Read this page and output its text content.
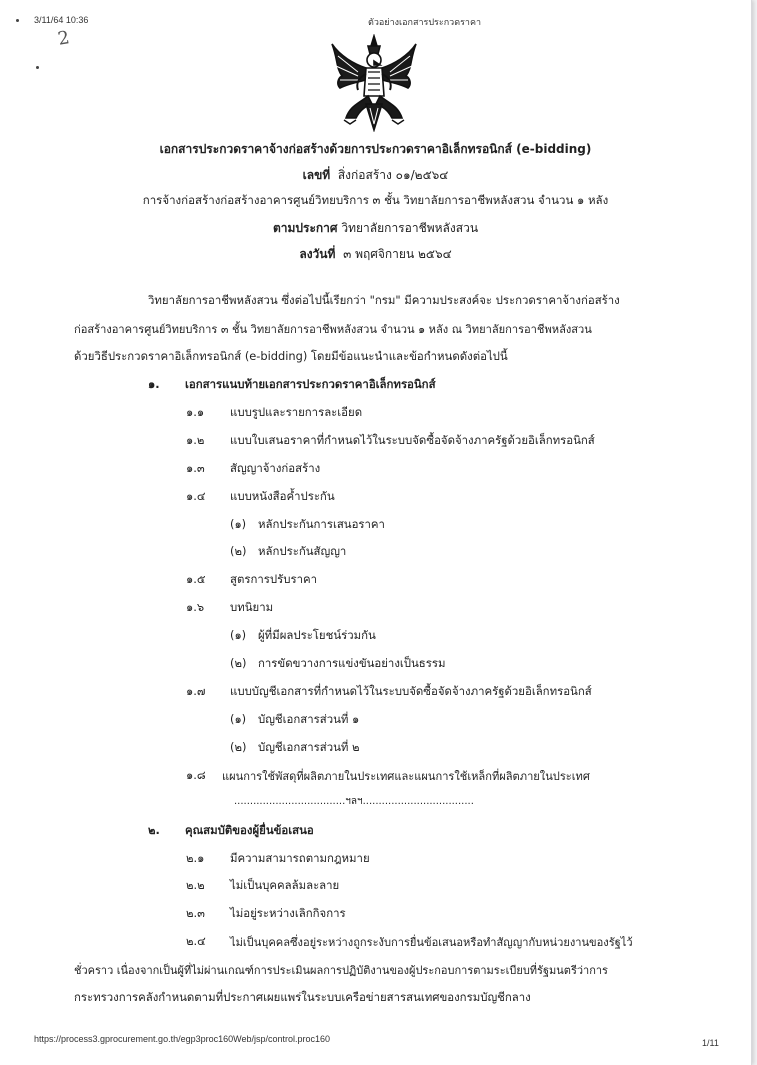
3/11/64 10:36	ตัวอย่างเอกสารประกวดราคา
2
เอกสารประกวดราคาจ้างก่อสร้างด้วยการประกวดราคาอิเล็กทรอนิกส์ (e-bidding)
เลขที่ สิ่งก่อสร้าง ๐๑/๒๕๖๔
การจ้างก่อสร้างก่อสร้างอาคารศูนย์วิทยบริการ ๓ ชั้น วิทยาลัยการอาชีพหลังสวน จำนวน ๑ หลัง
ตามประกาศ วิทยาลัยการอาชีพหลังสวน
ลงวันที่ ๓ พฤศจิกายน ๒๕๖๔
วิทยาลัยการอาชีพหลังสวน ซึ่งต่อไปนี้เรียกว่า "กรม" มีความประสงค์จะ ประกวดราคาจ้างก่อสร้าง
ก่อสร้างอาคารศูนย์วิทยบริการ ๓ ชั้น วิทยาลัยการอาชีพหลังสวน จำนวน ๑ หลัง ณ วิทยาลัยการอาชีพหลังสวน
ด้วยวิธีประกวดราคาอิเล็กทรอนิกส์ (e-bidding) โดยมีข้อแนะนำและข้อกำหนดดังต่อไปนี้
๑. เอกสารแนบท้ายเอกสารประกวดราคาอิเล็กทรอนิกส์
๑.๑ แบบรูปและรายการละเอียด
๑.๒ แบบใบเสนอราคาที่กำหนดไว้ในระบบจัดซื้อจัดจ้างภาครัฐด้วยอิเล็กทรอนิกส์
๑.๓ สัญญาจ้างก่อสร้าง
๑.๔ แบบหนังสือค้ำประกัน
(๑) หลักประกันการเสนอราคา
(๒) หลักประกันสัญญา
๑.๕ สูตรการปรับราคา
๑.๖ บทนิยาม
(๑) ผู้ที่มีผลประโยชน์ร่วมกัน
(๒) การขัดขวางการแข่งขันอย่างเป็นธรรม
๑.๗ แบบบัญชีเอกสารที่กำหนดไว้ในระบบจัดซื้อจัดจ้างภาครัฐด้วยอิเล็กทรอนิกส์
(๑) บัญชีเอกสารส่วนที่ ๑
(๒) บัญชีเอกสารส่วนที่ ๒
๑.๘ แผนการใช้พัสดุที่ผลิตภายในประเทศและแผนการใช้เหล็กที่ผลิตภายในประเทศ
...................................ฯลฯ...................................
๒. คุณสมบัติของผู้ยื่นข้อเสนอ
๒.๑ มีความสามารถตามกฎหมาย
๒.๒ ไม่เป็นบุคคลล้มละลาย
๒.๓ ไม่อยู่ระหว่างเลิกกิจการ
๒.๔ ไม่เป็นบุคคลซึ่งอยู่ระหว่างถูกระงับการยื่นข้อเสนอหรือทำสัญญากับหน่วยงานของรัฐไว้
ชั่วคราว เนื่องจากเป็นผู้ที่ไม่ผ่านเกณฑ์การประเมินผลการปฏิบัติงานของผู้ประกอบการตามระเบียบที่รัฐมนตรีว่าการ
กระทรวงการคลังกำหนดตามที่ประกาศเผยแพร่ในระบบเครือข่ายสารสนเทศของกรมบัญชีกลาง
https://process3.gprocurement.go.th/egp3proc160Web/jsp/control.proc160	1/11
